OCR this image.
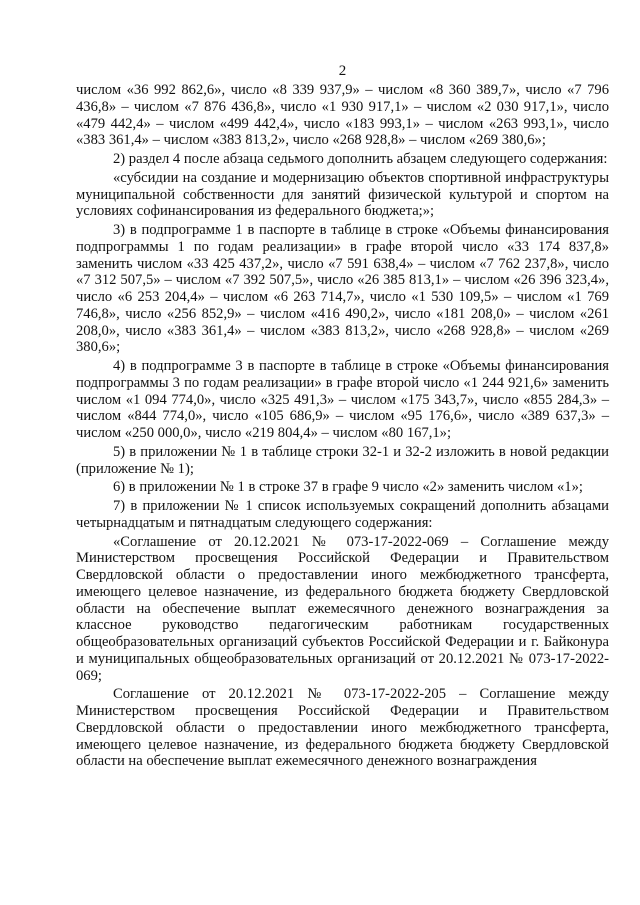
2

числом «36 992 862,6», число «8 339 937,9» – числом «8 360 389,7», число «7 796 436,8» – числом «7 876 436,8», число «1 930 917,1» – числом «2 030 917,1», число «479 442,4» – числом «499 442,4», число «183 993,1» – числом «263 993,1», число «383 361,4» – числом «383 813,2», число «268 928,8» – числом «269 380,6»;

2) раздел 4 после абзаца седьмого дополнить абзацем следующего содержания:

«субсидии на создание и модернизацию объектов спортивной инфраструктуры муниципальной собственности для занятий физической культурой и спортом на условиях софинансирования из федерального бюджета;»;

3) в подпрограмме 1 в паспорте в таблице в строке «Объемы финансирования подпрограммы 1 по годам реализации» в графе второй число «33 174 837,8» заменить числом «33 425 437,2», число «7 591 638,4» – числом «7 762 237,8», число «7 312 507,5» – числом «7 392 507,5», число «26 385 813,1» – числом «26 396 323,4», число «6 253 204,4» – числом «6 263 714,7», число «1 530 109,5» – числом «1 769 746,8», число «256 852,9» – числом «416 490,2», число «181 208,0» – числом «261 208,0», число «383 361,4» – числом «383 813,2», число «268 928,8» – числом «269 380,6»;

4) в подпрограмме 3 в паспорте в таблице в строке «Объемы финансирования подпрограммы 3 по годам реализации» в графе второй число «1 244 921,6» заменить числом «1 094 774,0», число «325 491,3» – числом «175 343,7», число «855 284,3» – числом «844 774,0», число «105 686,9» – числом «95 176,6», число «389 637,3» – числом «250 000,0», число «219 804,4» – числом «80 167,1»;

5) в приложении № 1 в таблице строки 32-1 и 32-2 изложить в новой редакции (приложение № 1);

6) в приложении № 1 в строке 37 в графе 9 число «2» заменить числом «1»;

7) в приложении № 1 список используемых сокращений дополнить абзацами четырнадцатым и пятнадцатым следующего содержания:

«Соглашение от 20.12.2021 № 073-17-2022-069 – Соглашение между Министерством просвещения Российской Федерации и Правительством Свердловской области о предоставлении иного межбюджетного трансферта, имеющего целевое назначение, из федерального бюджета бюджету Свердловской области на обеспечение выплат ежемесячного денежного вознаграждения за классное руководство педагогическим работникам государственных общеобразовательных организаций субъектов Российской Федерации и г. Байконура и муниципальных общеобразовательных организаций от 20.12.2021 № 073-17-2022-069;

Соглашение от 20.12.2021 № 073-17-2022-205 – Соглашение между Министерством просвещения Российской Федерации и Правительством Свердловской области о предоставлении иного межбюджетного трансферта, имеющего целевое назначение, из федерального бюджета бюджету Свердловской области на обеспечение выплат ежемесячного денежного вознаграждения
